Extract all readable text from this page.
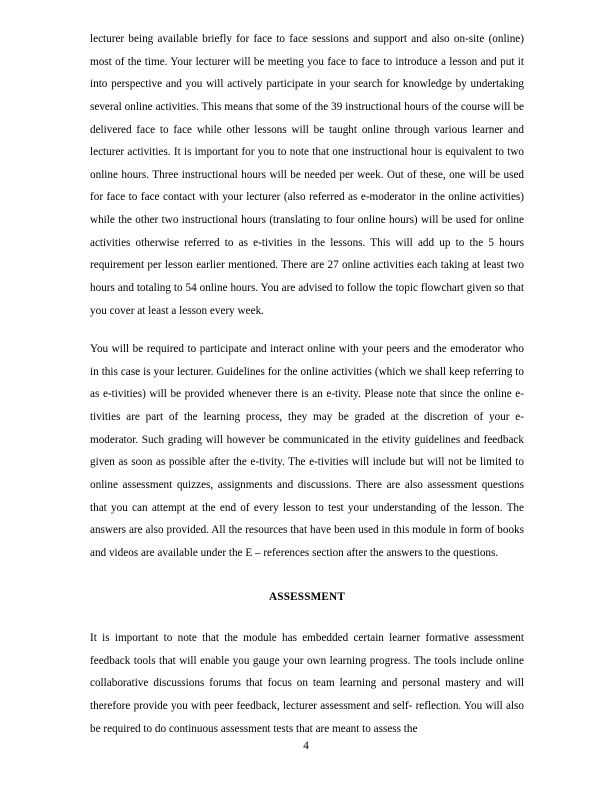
lecturer being available briefly for face to face sessions and support and also on-site (online) most of the time. Your lecturer will be meeting you face to face to introduce a lesson and put it into perspective and you will actively participate in your search for knowledge by undertaking several online activities. This means that some of the 39 instructional hours of the course will be delivered face to face while other lessons will be taught online through various learner and lecturer activities. It is important for you to note that one instructional hour is equivalent to two online hours. Three instructional hours will be needed per week. Out of these, one will be used for face to face contact with your lecturer (also referred as e-moderator in the online activities) while the other two instructional hours (translating to four online hours) will be used for online activities otherwise referred to as e-tivities in the lessons. This will add up to the 5 hours requirement per lesson earlier mentioned. There are 27 online activities each taking at least two hours and totaling to 54 online hours. You are advised to follow the topic flowchart given so that you cover at least a lesson every week.

You will be required to participate and interact online with your peers and the emoderator who in this case is your lecturer. Guidelines for the online activities (which we shall keep referring to as e-tivities) will be provided whenever there is an e-tivity. Please note that since the online e-tivities are part of the learning process, they may be graded at the discretion of your e-moderator. Such grading will however be communicated in the etivity guidelines and feedback given as soon as possible after the e-tivity. The e-tivities will include but will not be limited to online assessment quizzes, assignments and discussions. There are also assessment questions that you can attempt at the end of every lesson to test your understanding of the lesson. The answers are also provided. All the resources that have been used in this module in form of books and videos are available under the E – references section after the answers to the questions.

ASSESSMENT

It is important to note that the module has embedded certain learner formative assessment feedback tools that will enable you gauge your own learning progress. The tools include online collaborative discussions forums that focus on team learning and personal mastery and will therefore provide you with peer feedback, lecturer assessment and self- reflection. You will also be required to do continuous assessment tests that are meant to assess the

4
